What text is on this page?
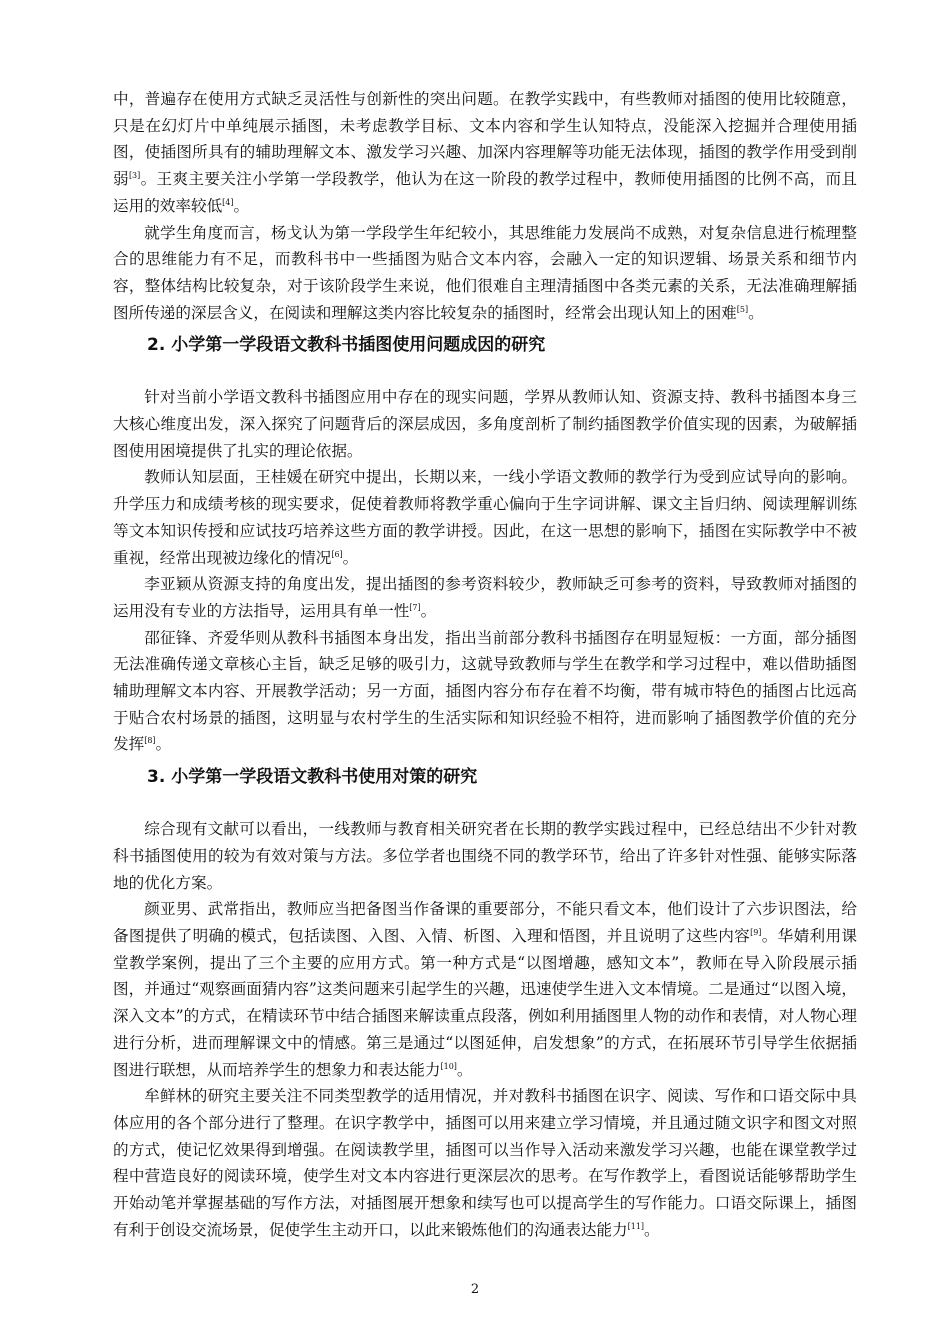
中，普遍存在使用方式缺乏灵活性与创新性的突出问题。在教学实践中，有些教师对插图的使用比较随意，只是在幻灯片中单纯展示插图，未考虑教学目标、文本内容和学生认知特点，没能深入挖掘并合理使用插图，使插图所具有的辅助理解文本、激发学习兴趣、加深内容理解等功能无法体现，插图的教学作用受到削弱[3]。王爽主要关注小学第一学段教学，他认为在这一阶段的教学过程中，教师使用插图的比例不高，而且运用的效率较低[4]。

就学生角度而言，杨戈认为第一学段学生年纪较小，其思维能力发展尚不成熟，对复杂信息进行梳理整合的思维能力有不足，而教科书中一些插图为贴合文本内容，会融入一定的知识逻辑、场景关系和细节内容，整体结构比较复杂，对于该阶段学生来说，他们很难自主理清插图中各类元素的关系，无法准确理解插图所传递的深层含义，在阅读和理解这类内容比较复杂的插图时，经常会出现认知上的困难[5]。

2. 小学第一学段语文教科书插图使用问题成因的研究

针对当前小学语文教科书插图应用中存在的现实问题，学界从教师认知、资源支持、教科书插图本身三大核心维度出发，深入探究了问题背后的深层成因，多角度剖析了制约插图教学价值实现的因素，为破解插图使用困境提供了扎实的理论依据。

教师认知层面，王桂媛在研究中提出，长期以来，一线小学语文教师的教学行为受到应试导向的影响。升学压力和成绩考核的现实要求，促使着教师将教学重心偏向于生字词讲解、课文主旨归纳、阅读理解训练等文本知识传授和应试技巧培养这些方面的教学讲授。因此，在这一思想的影响下，插图在实际教学中不被重视，经常出现被边缘化的情况[6]。

李亚颖从资源支持的角度出发，提出插图的参考资料较少，教师缺乏可参考的资料，导致教师对插图的运用没有专业的方法指导，运用具有单一性[7]。

邵征锋、齐爱华则从教科书插图本身出发，指出当前部分教科书插图存在明显短板：一方面，部分插图无法准确传递文章核心主旨，缺乏足够的吸引力，这就导致教师与学生在教学和学习过程中，难以借助插图辅助理解文本内容、开展教学活动；另一方面，插图内容分布存在着不均衡，带有城市特色的插图占比远高于贴合农村场景的插图，这明显与农村学生的生活实际和知识经验不相符，进而影响了插图教学价值的充分发挥[8]。

3. 小学第一学段语文教科书使用对策的研究

综合现有文献可以看出，一线教师与教育相关研究者在长期的教学实践过程中，已经总结出不少针对教科书插图使用的较为有效对策与方法。多位学者也围绕不同的教学环节，给出了许多针对性强、能够实际落地的优化方案。

颜亚男、武常指出，教师应当把备图当作备课的重要部分，不能只看文本，他们设计了六步识图法，给备图提供了明确的模式，包括读图、入图、入情、析图、入理和悟图，并且说明了这些内容[9]。华婧利用课堂教学案例，提出了三个主要的应用方式。第一种方式是“以图增趣，感知文本”，教师在导入阶段展示插图，并通过“观察画面猜内容”这类问题来引起学生的兴趣，迅速使学生进入文本情境。二是通过“以图入境，深入文本”的方式，在精读环节中结合插图来解读重点段落，例如利用插图里人物的动作和表情，对人物心理进行分析，进而理解课文中的情感。第三是通过“以图延伸，启发想象”的方式，在拓展环节引导学生依据插图进行联想，从而培养学生的想象力和表达能力[10]。

牟鲜林的研究主要关注不同类型教学的适用情况，并对教科书插图在识字、阅读、写作和口语交际中具体应用的各个部分进行了整理。在识字教学中，插图可以用来建立学习情境，并且通过随文识字和图文对照的方式，使记忆效果得到增强。在阅读教学里，插图可以当作导入活动来激发学习兴趣，也能在课堂教学过程中营造良好的阅读环境，使学生对文本内容进行更深层次的思考。在写作教学上，看图说话能够帮助学生开始动笔并掌握基础的写作方法，对插图展开想象和续写也可以提高学生的写作能力。口语交际课上，插图有利于创设交流场景，促使学生主动开口，以此来锻炼他们的沟通表达能力[11]。

2
